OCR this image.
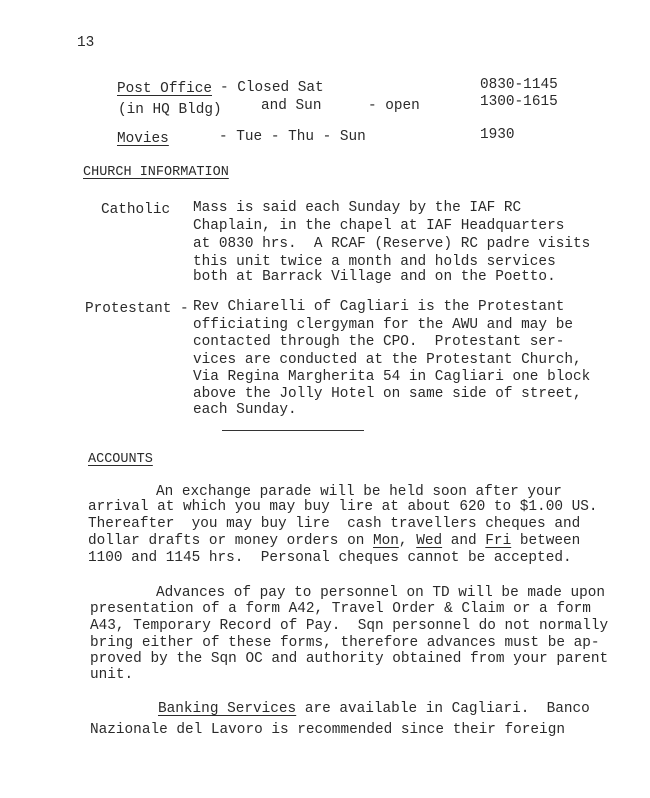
13
Post Office - Closed Sat	0830-1145
(in HQ Bldg)	and Sun	- open	1300-1615
Movies	- Tue - Thu - Sun	1930
CHURCH INFORMATION
Catholic Mass is said each Sunday by the IAF RC
Chaplain, in the chapel at IAF Headquarters
at 0830 hrs.  A RCAF (Reserve) RC padre visits
this unit twice a month and holds services
both at Barrack Village and on the Poetto.
Protestant - Rev Chiarelli of Cagliari is the Protestant
officiating clergyman for the AWU and may be
contacted through the CPO.  Protestant ser-
vices are conducted at the Protestant Church,
Via Regina Margherita 54 in Cagliari one block
above the Jolly Hotel on same side of street,
each Sunday.
ACCOUNTS
An exchange parade will be held soon after your
arrival at which you may buy lire at about 620 to $1.00 US.
Thereafter  you may buy lire  cash travellers cheques and
dollar drafts or money orders on Mon, Wed and Fri between
1100 and 1145 hrs.  Personal cheques cannot be accepted.
Advances of pay to personnel on TD will be made upon
presentation of a form A42, Travel Order & Claim or a form
A43, Temporary Record of Pay.  Sqn personnel do not normally
bring either of these forms, therefore advances must be ap-
proved by the Sqn OC and authority obtained from your parent
unit.
Banking Services are available in Cagliari.  Banco
Nazionale del Lavoro is recommended since their foreign
